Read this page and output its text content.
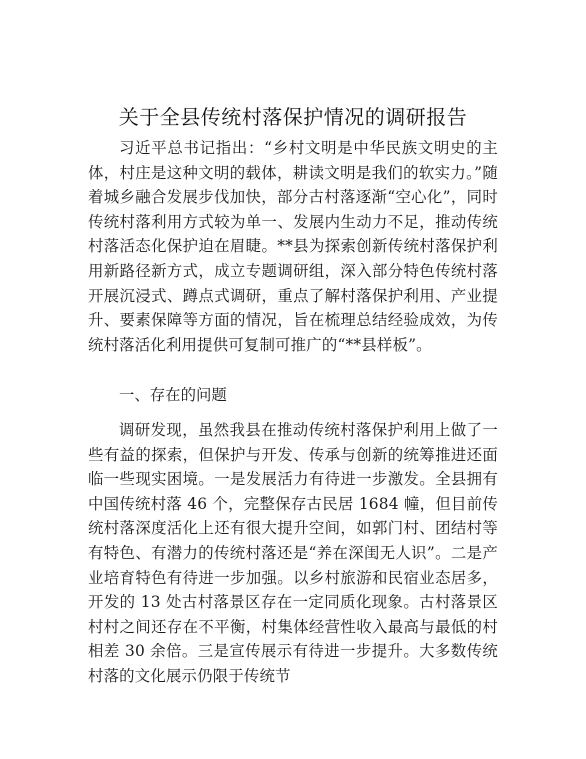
关于全县传统村落保护情况的调研报告
习近平总书记指出：“乡村文明是中华民族文明史的主体，村庄是这种文明的载体，耕读文明是我们的软实力。”随着城乡融合发展步伐加快，部分古村落逐渐“空心化”，同时传统村落利用方式较为单一、发展内生动力不足，推动传统村落活态化保护迫在眉睫。**县为探索创新传统村落保护利用新路径新方式，成立专题调研组，深入部分特色传统村落开展沉浸式、蹲点式调研，重点了解村落保护利用、产业提升、要素保障等方面的情况，旨在梳理总结经验成效，为传统村落活化利用提供可复制可推广的“**县样板”。
一、存在的问题
调研发现，虽然我县在推动传统村落保护利用上做了一些有益的探索，但保护与开发、传承与创新的统筹推进还面临一些现实困境。一是发展活力有待进一步激发。全县拥有中国传统村落 46 个，完整保存古民居 1684 幢，但目前传统村落深度活化上还有很大提升空间，如郭门村、团结村等有特色、有潜力的传统村落还是“养在深闺无人识”。二是产业培育特色有待进一步加强。以乡村旅游和民宿业态居多，开发的 13 处古村落景区存在一定同质化现象。古村落景区村村之间还存在不平衡，村集体经营性收入最高与最低的村相差 30 余倍。三是宣传展示有待进一步提升。大多数传统村落的文化展示仍限于传统节
